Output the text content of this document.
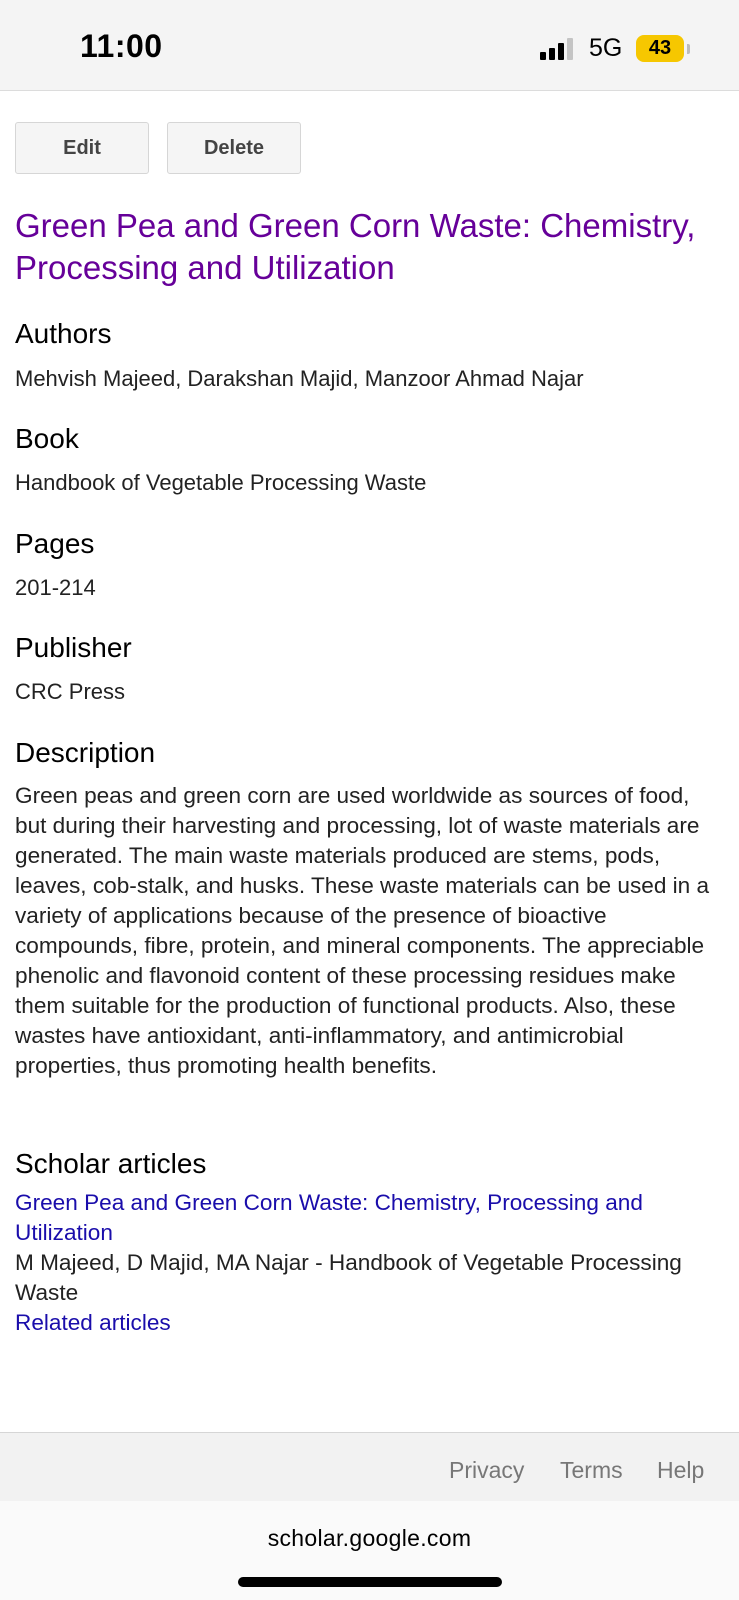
11:00	5G 43
Edit	Delete
Green Pea and Green Corn Waste: Chemistry, Processing and Utilization
Authors
Mehvish Majeed, Darakshan Majid, Manzoor Ahmad Najar
Book
Handbook of Vegetable Processing Waste
Pages
201-214
Publisher
CRC Press
Description
Green peas and green corn are used worldwide as sources of food, but during their harvesting and processing, lot of waste materials are generated. The main waste materials produced are stems, pods, leaves, cob-stalk, and husks. These waste materials can be used in a variety of applications because of the presence of bioactive compounds, fibre, protein, and mineral components. The appreciable phenolic and flavonoid content of these processing residues make them suitable for the production of functional products. Also, these wastes have antioxidant, anti-inflammatory, and antimicrobial properties, thus promoting health benefits.
Scholar articles
Green Pea and Green Corn Waste: Chemistry, Processing and Utilization
M Majeed, D Majid, MA Najar - Handbook of Vegetable Processing Waste
Related articles
Privacy Terms Help
scholar.google.com
